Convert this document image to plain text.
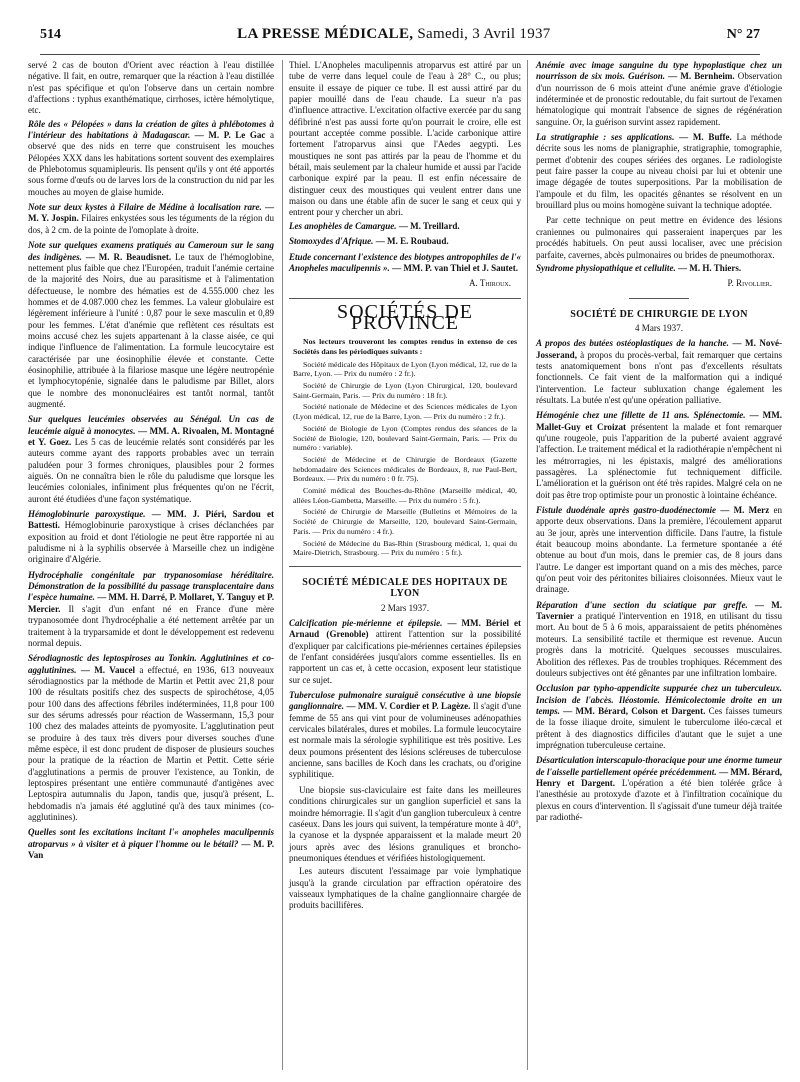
514	LA PRESSE MÉDICALE, Samedi, 3 Avril 1937	N° 27

servé 2 cas de bouton d'Orient avec réaction à l'eau distillée négative. Il fait, en outre, remarquer que la réaction à l'eau distillée n'est pas spécifique et qu'on l'observe dans un certain nombre d'affections : typhus exanthématique, cirrhoses, ictère hémolytique, etc.

Rôle des « Pélopées » dans la création de gîtes à phlébotomes à l'intérieur des habitations à Madagascar. — M. P. Le Gac a observé que des nids en terre que construisent les mouches Pélopées XXX dans les habitations sortent souvent des exemplaires de Phlebotomus squamipleuris. Ils pensent qu'ils y ont été apportés sous forme d'œufs ou de larves lors de la construction du nid par les mouches au moyen de glaise humide.
Note sur deux kystes à Filaire de Médine à localisation rare. — M. Y. Jospin. Filaires enkystées sous les téguments de la région du dos, à 2 cm. de la pointe de l'omoplate à droite.
Note sur quelques examens pratiqués au Cameroun sur le sang des indigènes. — M. R. Beaudisnet. Le taux de l'hémoglobine, nettement plus faible que chez l'Européen, traduit l'anémie certaine de la majorité des Noirs, due au parasitisme et à l'alimentation défectueuse, le nombre des hématies est de 4.555.000 chez les hommes et de 4.087.000 chez les femmes. La valeur globulaire est légèrement inférieure à l'unité : 0,87 pour le sexe masculin et 0,89 pour les femmes. L'état d'anémie que reflètent ces résultats est moins accusé chez les sujets appartenant à la classe aisée, ce qui indique l'influence de l'alimentation. La formule leucocytaire est caractérisée par une éosinophilie élevée et constante. Cette éosinophilie, attribuée à la filariose masque une légère neutropénie et lymphocytopénie, signalée dans le paludisme par Billet, alors que le nombre des mononucléaires est tantôt normal, tantôt augmenté.
Sur quelques leucémies observées au Sénégal. Un cas de leucémie aiguë à monocytes. — MM. A. Rivoalen, M. Montagné et Y. Goez. Les 5 cas de leucémie relatés sont considérés par les auteurs comme ayant des rapports probables avec un terrain paludéen pour 3 formes chroniques, plausibles pour 2 formes aiguës. On ne connaîtra bien le rôle du paludisme que lorsque les leucémies coloniales, infiniment plus fréquentes qu'on ne l'écrit, auront été étudiées d'une façon systématique.
Hémoglobinurie paroxystique. — MM. J. Piéri, Sardou et Battesti. Hémoglobinurie paroxystique à crises déclanchées par exposition au froid et dont l'étiologie ne peut être rapportée ni au paludisme ni à la syphilis observée à Marseille chez un indigène originaire d'Algérie.
Hydrocéphalie congénitale par trypanosomiase héréditaire. Démonstration de la possibilité du passage transplacentaire dans l'espèce humaine. — MM. H. Darré, P. Mollaret, Y. Tanguy et P. Mercier. Il s'agit d'un enfant né en France d'une mère trypanosomée dont l'hydrocéphalie a été nettement arrêtée par un traitement à la tryparsamide et dont le développement est redevenu normal depuis.
Sérodiagnostic des leptospiroses au Tonkin. Agglutinines et co-agglutinines. — M. Vaucel a effectué, en 1936, 613 nouveaux sérodiagnostics par la méthode de Martin et Pettit avec 21,8 pour 100 de résultats positifs chez des suspects de spirochétose, 4,05 pour 100 dans des affections fébriles indéterminées, 11,8 pour 100 sur des sérums adressés pour réaction de Wassermann, 15,3 pour 100 chez des malades atteints de pyomyosite. L'agglutination peut se produire à des taux très divers pour diverses souches d'une même espèce, il est donc prudent de disposer de plusieurs souches pour la pratique de la réaction de Martin et Pettit. Cette série d'agglutinations a permis de prouver l'existence, au Tonkin, de leptospires présentant une entière communauté d'antigènes avec Leptospira autumnalis du Japon, tandis que, jusqu'à présent, L. hebdomadis n'a jamais été agglutiné qu'à des taux minimes (co-agglutinines).
Quelles sont les excitations incitant l'« anopheles maculipennis atroparvus » à visiter et à piquer l'homme ou le bétail? — M. P. Van

Thiel. L'Anopheles maculipennis atroparvus est attiré par un tube de verre dans lequel coule de l'eau à 28° C., ou plus; ensuite il essaye de piquer ce tube. Il est aussi attiré par du papier mouillé dans de l'eau chaude. La sueur n'a pas d'influence attractive. L'excitation olfactive exercée par du sang défibriné n'est pas aussi forte qu'on pourrait le croire, elle est pourtant acceptée comme possible. L'acide carbonique attire fortement l'atroparvus ainsi que l'Aedes aegypti. Les moustiques ne sont pas attirés par la peau de l'homme et du bétail, mais seulement par la chaleur humide et aussi par l'acide carbonique expiré par la peau. Il est enfin nécessaire de distinguer ceux des moustiques qui veulent entrer dans une maison ou dans une étable afin de sucer le sang et ceux qui y entrent pour y chercher un abri.

Les anophèles de Camargue. — M. Treillard.
Stomoxydes d'Afrique. — M. E. Roubaud.
Etude concernant l'existence des biotypes antropophiles de l'« Anopheles maculipennis ». — MM. P. van Thiel et J. Sautet.
A. Thiroux.
SOCIÉTÉS DE PROVINCE

Nos lecteurs trouveront les comptes rendus in extenso de ces Sociétés dans les périodiques suivants :

Société médicale des Hôpitaux de Lyon (Lyon médical, 12, rue de la Barre, Lyon. — Prix du numéro : 2 fr.).

Société de Chirurgie de Lyon (Lyon Chirurgical, 120, boulevard Saint-Germain, Paris. — Prix du numéro : 18 fr.).

Société nationale de Médecine et des Sciences médicales de Lyon (Lyon médical, 12, rue de la Barre, Lyon. — Prix du numéro : 2 fr.).

Société de Biologie de Lyon (Comptes rendus des séances de la Société de Biologie, 120, boulevard Saint-Germain, Paris. — Prix du numéro : variable).

Société de Médecine et de Chirurgie de Bordeaux (Gazette hebdomadaire des Sciences médicales de Bordeaux, 8, rue Paul-Bert, Bordeaux. — Prix du numéro : 0 fr. 75).

Comité médical des Bouches-du-Rhône (Marseille médical, 40, allées Léon-Gambetta, Marseille. — Prix du numéro : 5 fr.).

Société de Chirurgie de Marseille (Bulletins et Mémoires de la Société de Chirurgie de Marseille, 120, boulevard Saint-Germain, Paris. — Prix du numéro : 4 fr.).

Société de Médecine du Bas-Rhin (Strasbourg médical, 1, quai du Maire-Dietrich, Strasbourg. — Prix du numéro : 5 fr.).

SOCIÉTÉ MÉDICALE DES HOPITAUX DE LYON
2 Mars 1937.
Calcification pie-mérienne et épilepsie. — MM. Bériel et Arnaud (Grenoble) attirent l'attention sur la possibilité d'expliquer par calcifications pie-mériennes certaines épilepsies de l'enfant considérées jusqu'alors comme essentielles. Ils en rapportent un cas et, à cette occasion, exposent leur statistique sur ce sujet.
Tuberculose pulmonaire suraiguë consécutive à une biopsie ganglionnaire. — MM. V. Cordier et P. Lagèze. Il s'agit d'une femme de 55 ans qui vint pour de volumineuses adénopathies cervicales bilatérales, dures et mobiles. La formule leucocytaire est normale mais la sérologie syphilitique est très positive. Les deux poumons présentent des lésions scléreuses de tuberculose ancienne, sans bacilles de Koch dans les crachats, ou d'origine syphilitique.

Une biopsie sus-claviculaire est faite dans les meilleures conditions chirurgicales sur un ganglion superficiel et sans la moindre hémorragie. Il s'agit d'un ganglion tuberculeux à centre caséeux. Dans les jours qui suivent, la température monte à 40°, la cyanose et la dyspnée apparaissent et la malade meurt 20 jours après avec des lésions granuliques et broncho-pneumoniques étendues et vérifiées histologiquement.

Les auteurs discutent l'essaimage par voie lymphatique jusqu'à la grande circulation par effraction opératoire des vaisseaux lymphatiques de la chaîne ganglionnaire chargée de produits bacillifères.

Anémie avec image sanguine du type hypoplastique chez un nourrisson de six mois. Guérison. — M. Bernheim. Observation d'un nourrisson de 6 mois atteint d'une anémie grave d'étiologie indéterminée et de pronostic redoutable, du fait surtout de l'examen hématologique qui montrait l'absence de signes de régénération sanguine. Or, la guérison survint assez rapidement.
La stratigraphie : ses applications. — M. Buffe. La méthode décrite sous les noms de planigraphie, stratigraphie, tomographie, permet d'obtenir des coupes sériées des organes. Le radiologiste peut faire passer la coupe au niveau choisi par lui et obtenir une image dégagée de toutes superpositions. Par la mobilisation de l'ampoule et du film, les opacités gênantes se résolvent en un brouillard plus ou moins homogène suivant la technique adoptée.

Par cette technique on peut mettre en évidence des lésions craniennes ou pulmonaires qui passeraient inaperçues par les procédés habituels. On peut aussi localiser, avec une précision parfaite, cavernes, abcès pulmonaires ou brides de pneumothorax.

Syndrome physiopathique et cellulite. — M. H. Thiers.
P. Rivollier.
SOCIÉTÉ DE CHIRURGIE DE LYON
4 Mars 1937.
A propos des butées ostéoplastiques de la hanche. — M. Nové-Josserand, à propos du procès-verbal, fait remarquer que certains tests anatomiquement bons n'ont pas d'excellents résultats fonctionnels. Ce fait vient de la malformation qui a indiqué l'intervention. Le facteur subluxation change également les résultats. La butée n'est qu'une opération palliative.
Hémogénie chez une fillette de 11 ans. Splénectomie. — MM. Mallet-Guy et Croizat présentent la malade et font remarquer qu'une rougeole, puis l'apparition de la puberté avaient aggravé l'affection. Le traitement médical et la radiothérapie n'empêchent ni les métrorragies, ni les épistaxis, malgré des améliorations passagères. La splénectomie fut techniquement difficile. L'amélioration et la guérison ont été très rapides. Malgré cela on ne doit pas être trop optimiste pour un pronostic à lointaine échéance.
Fistule duodénale après gastro-duodénectomie — M. Merz en apporte deux observations. Dans la première, l'écoulement apparut au 3e jour, après une intervention difficile. Dans l'autre, la fistule était beaucoup moins abondante. La fermeture spontanée a été obtenue au bout d'un mois, dans le premier cas, de 8 jours dans l'autre. Le danger est important quand on a mis des mèches, parce qu'on peut voir des péritonites biliaires cloisonnées. Mieux vaut le drainage.
Réparation d'une section du sciatique par greffe. — M. Tavernier a pratiqué l'intervention en 1918, en utilisant du tissu mort. Au bout de 5 à 6 mois, apparaissaient de petits phénomènes moteurs. La sensibilité tactile et thermique est revenue. Aucun progrès dans la motricité. Quelques secousses musculaires. Abolition des réflexes. Pas de troubles trophiques. Récemment des douleurs subjectives ont été gênantes par une infiltration lombaire.
Occlusion par typho-appendicite suppurée chez un tuberculeux. Incision de l'abcès. Iléostomie. Hémicolectomie droite en un temps. — MM. Bérard, Colson et Dargent. Ces faisses tumeurs de la fosse iliaque droite, simulent le tuberculome iléo-cæcal et prêtent à des diagnostics difficiles d'autant que le sujet a une imprégnation tuberculeuse certaine.
Désarticulation interscapulo-thoracique pour une énorme tumeur de l'aisselle partiellement opérée précédemment. — MM. Bérard, Henry et Dargent. L'opération a été bien tolérée grâce à l'anesthésie au protoxyde d'azote et à l'infiltration cocaïnique du plexus en cours d'intervention. Il s'agissait d'une tumeur déjà traitée par radiothé-
